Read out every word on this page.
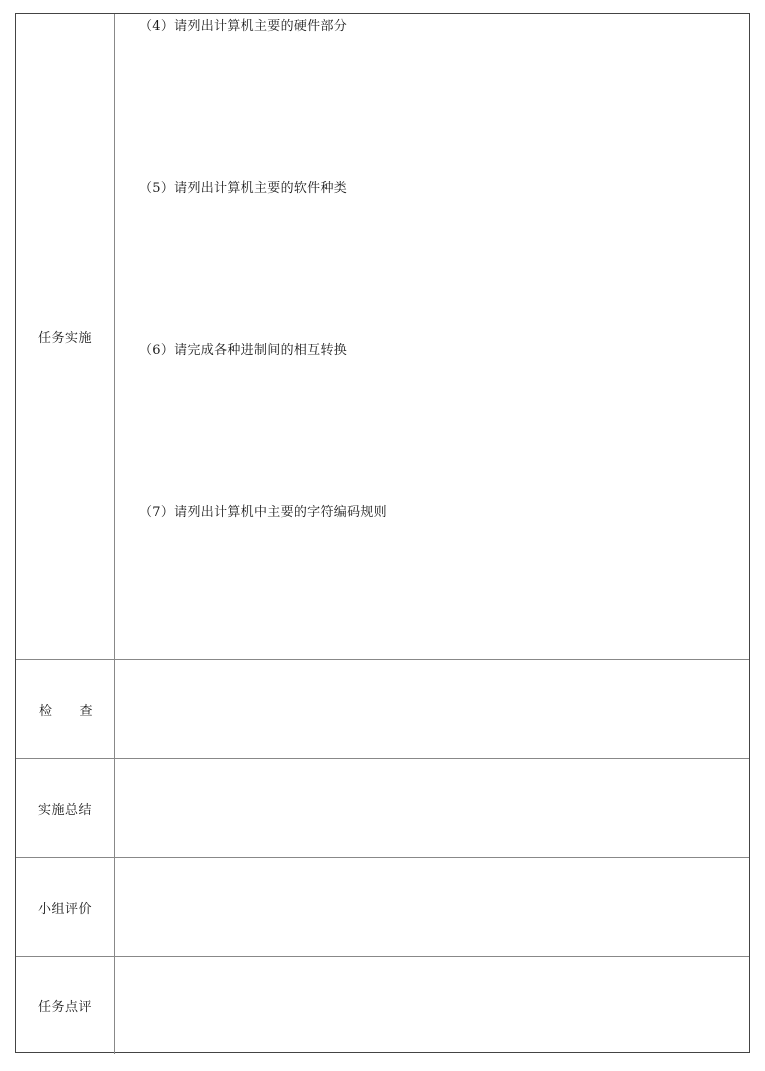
任务实施
（4）请列出计算机主要的硬件部分
（5）请列出计算机主要的软件种类
（6）请完成各种进制间的相互转换
（7）请列出计算机中主要的字符编码规则
检 查
实施总结
小组评价
任务点评
